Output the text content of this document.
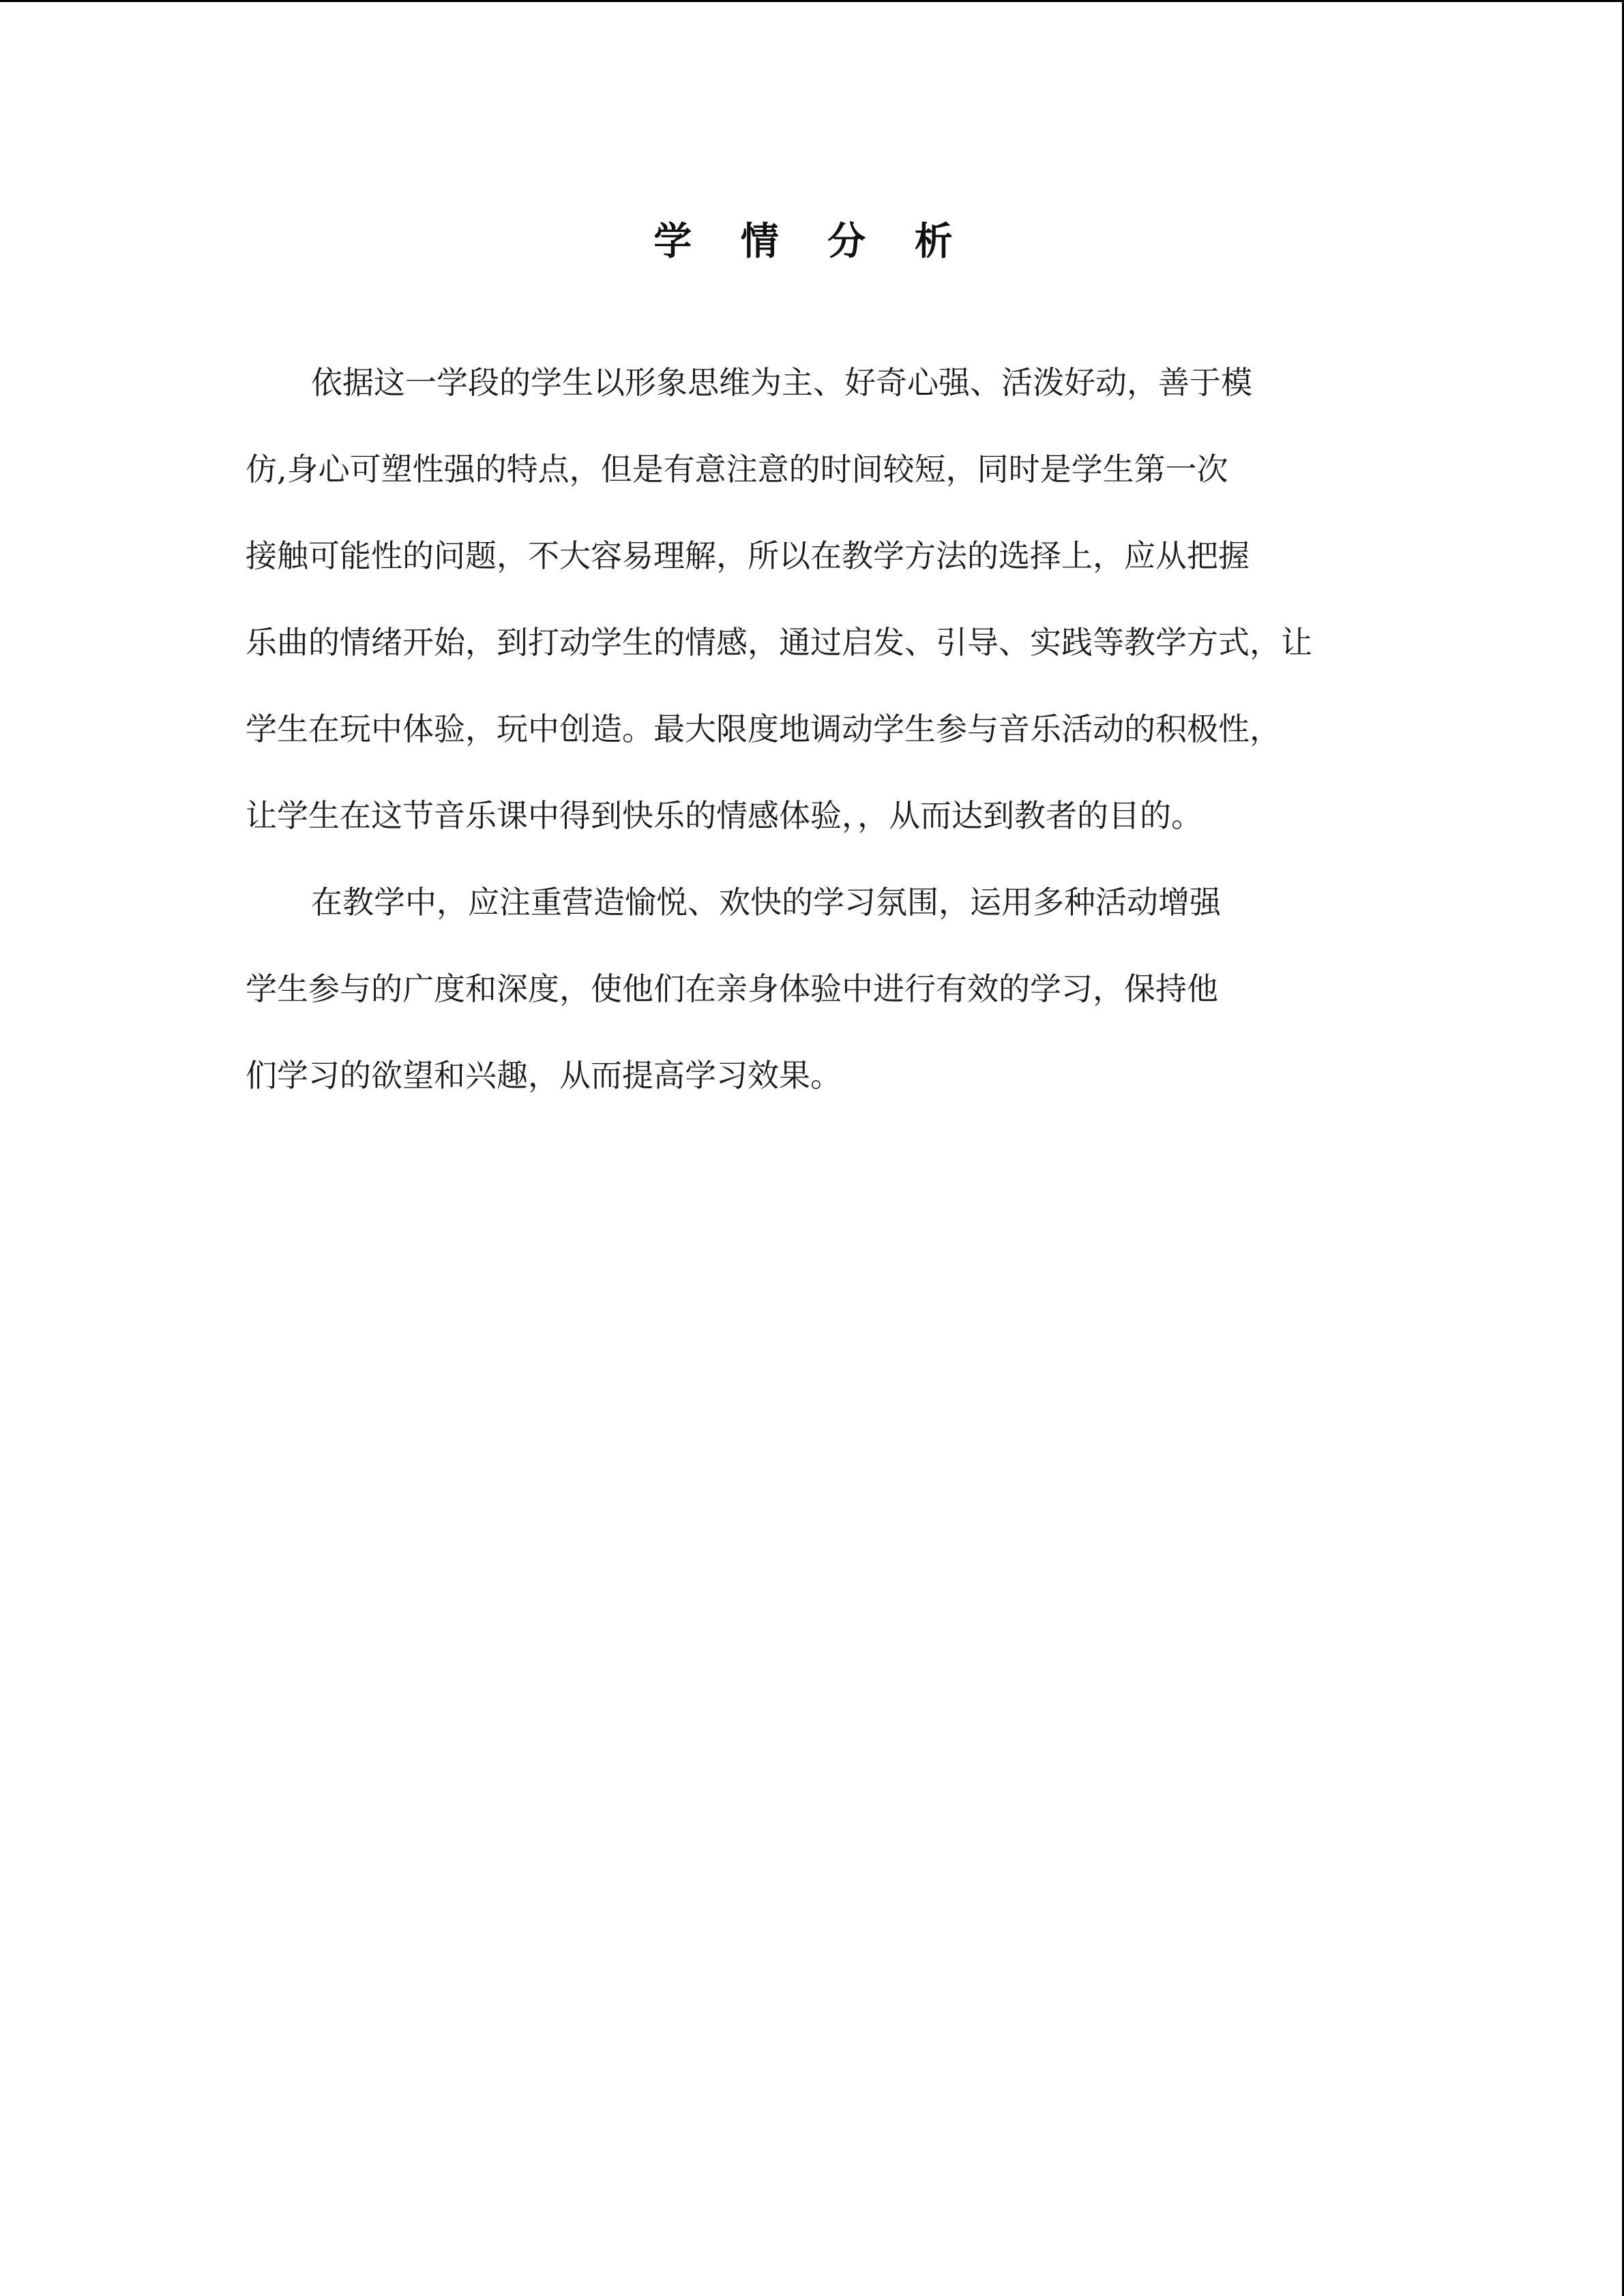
学 情 分 析
依据这一学段的学生以形象思维为主、好奇心强、活泼好动，善于模
仿,身心可塑性强的特点，但是有意注意的时间较短，同时是学生第一次
接触可能性的问题，不大容易理解，所以在教学方法的选择上，应从把握
乐曲的情绪开始，到打动学生的情感，通过启发、引导、实践等教学方式，让
学生在玩中体验，玩中创造。最大限度地调动学生参与音乐活动的积极性，
让学生在这节音乐课中得到快乐的情感体验，，从而达到教者的目的。
在教学中，应注重营造愉悦、欢快的学习氛围，运用多种活动增强
学生参与的广度和深度，使他们在亲身体验中进行有效的学习，保持他
们学习的欲望和兴趣，从而提高学习效果。
